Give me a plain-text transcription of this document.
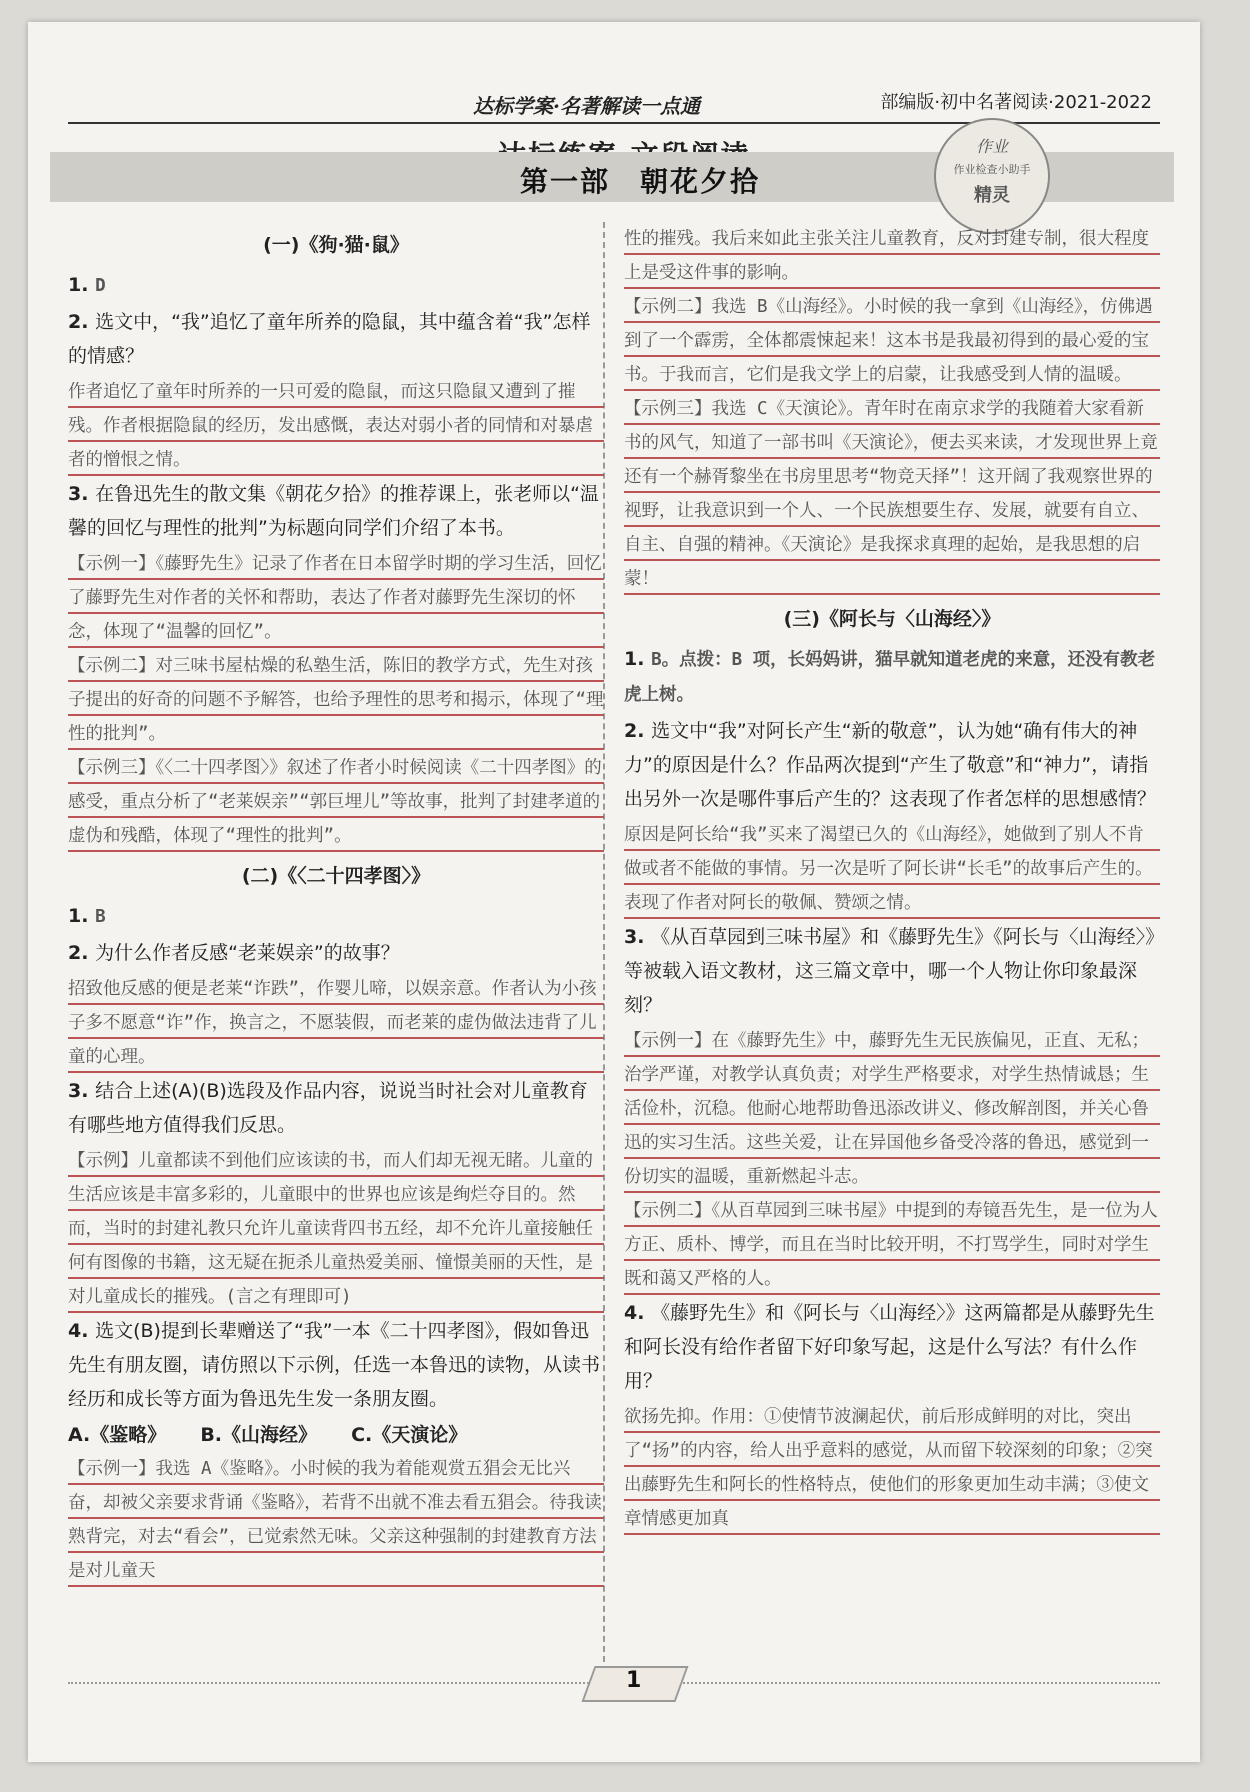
达标学案·名著解读一点通	部编版·初中名著阅读·2021-2022
第一部　朝花夕拾
作业
作业检查小助手
精灵
(一)《狗·猫·鼠》
1. D
2. 选文中，“我”追忆了童年所养的隐鼠，其中蕴含着“我”怎样的情感？
作者追忆了童年时所养的一只可爱的隐鼠，而这只隐鼠又遭到了摧残。作者根据隐鼠的经历，发出感慨，表达对弱小者的同情和对暴虐者的憎恨之情。
3. 在鲁迅先生的散文集《朝花夕拾》的推荐课上，张老师以“温馨的回忆与理性的批判”为标题向同学们介绍了本书。
【示例一】《藤野先生》记录了作者在日本留学时期的学习生活，回忆了藤野先生对作者的关怀和帮助，表达了作者对藤野先生深切的怀念，体现了“温馨的回忆”。
【示例二】对三味书屋枯燥的私塾生活，陈旧的教学方式，先生对孩子提出的好奇的问题不予解答，也给予理性的思考和揭示，体现了“理性的批判”。
【示例三】《〈二十四孝图〉》叙述了作者小时候阅读《二十四孝图》的感受，重点分析了“老莱娱亲”“郭巨埋儿”等故事，批判了封建孝道的虚伪和残酷，体现了“理性的批判”。
(二)《〈二十四孝图〉》
1. B
2. 为什么作者反感“老莱娱亲”的故事？
招致他反感的便是老莱“诈跌”，作婴儿啼，以娱亲意。作者认为小孩子多不愿意“诈”作，换言之，不愿装假，而老莱的虚伪做法违背了儿童的心理。
3. 结合上述(A)(B)选段及作品内容，说说当时社会对儿童教育有哪些地方值得我们反思。
【示例】儿童都读不到他们应该读的书，而人们却无视无睹。儿童的生活应该是丰富多彩的，儿童眼中的世界也应该是绚烂夺目的。然而，当时的封建礼教只允许儿童读背四书五经，却不允许儿童接触任何有图像的书籍，这无疑在扼杀儿童热爱美丽、憧憬美丽的天性，是对儿童成长的摧残。(言之有理即可)
4. 选文(B)提到长辈赠送了“我”一本《二十四孝图》，假如鲁迅先生有朋友圈，请仿照以下示例，任选一本鲁迅的读物，从读书经历和成长等方面为鲁迅先生发一条朋友圈。
A.《鉴略》 B.《山海经》 C.《天演论》
【示例一】我选 A《鉴略》。小时候的我为着能观赏五猖会无比兴奋，却被父亲要求背诵《鉴略》，若背不出就不准去看五猖会。待我读熟背完，对去“看会”，已觉索然无味。父亲这种强制的封建教育方法是对儿童天
性的摧残。我后来如此主张关注儿童教育，反对封建专制，很大程度上是受这件事的影响。
【示例二】我选 B《山海经》。小时候的我一拿到《山海经》，仿佛遇到了一个霹雳，全体都震悚起来！这本书是我最初得到的最心爱的宝书。于我而言，它们是我文学上的启蒙，让我感受到人情的温暖。
【示例三】我选 C《天演论》。青年时在南京求学的我随着大家看新书的风气，知道了一部书叫《天演论》，便去买来读，才发现世界上竟还有一个赫胥黎坐在书房里思考“物竞天择”！这开阔了我观察世界的视野，让我意识到一个人、一个民族想要生存、发展，就要有自立、自主、自强的精神。《天演论》是我探求真理的起始，是我思想的启蒙！
(三)《阿长与〈山海经〉》
1. B。点拨：B 项，长妈妈讲，猫早就知道老虎的来意，还没有教老虎上树。
2. 选文中“我”对阿长产生“新的敬意”，认为她“确有伟大的神力”的原因是什么？作品两次提到“产生了敬意”和“神力”，请指出另外一次是哪件事后产生的？这表现了作者怎样的思想感情？
原因是阿长给“我”买来了渴望已久的《山海经》，她做到了别人不肯做或者不能做的事情。另一次是听了阿长讲“长毛”的故事后产生的。表现了作者对阿长的敬佩、赞颂之情。
3. 《从百草园到三味书屋》和《藤野先生》《阿长与〈山海经〉》等被载入语文教材，这三篇文章中，哪一个人物让你印象最深刻？
【示例一】在《藤野先生》中，藤野先生无民族偏见，正直、无私；治学严谨，对教学认真负责；对学生严格要求，对学生热情诚恳；生活俭朴，沉稳。他耐心地帮助鲁迅添改讲义、修改解剖图，并关心鲁迅的实习生活。这些关爱，让在异国他乡备受冷落的鲁迅，感觉到一份切实的温暖，重新燃起斗志。
【示例二】《从百草园到三味书屋》中提到的寿镜吾先生，是一位为人方正、质朴、博学，而且在当时比较开明，不打骂学生，同时对学生既和蔼又严格的人。
4. 《藤野先生》和《阿长与〈山海经〉》这两篇都是从藤野先生和阿长没有给作者留下好印象写起，这是什么写法？有什么作用？
欲扬先抑。作用：①使情节波澜起伏，前后形成鲜明的对比，突出了“扬”的内容，给人出乎意料的感觉，从而留下较深刻的印象；②突出藤野先生和阿长的性格特点，使他们的形象更加生动丰满；③使文章情感更加真
1
